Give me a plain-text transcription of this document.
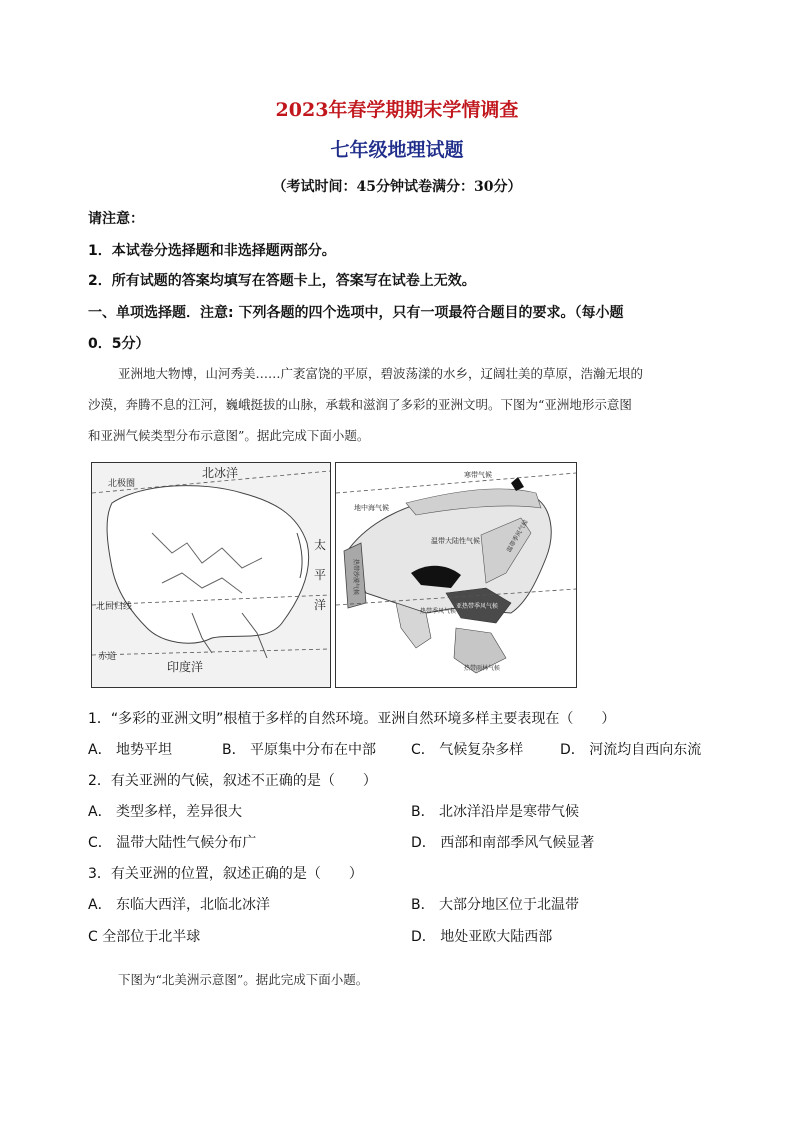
2023年春学期期末学情调查
七年级地理试题
（考试时间：45分钟试卷满分：30分）
请注意：
1．本试卷分选择题和非选择题两部分。
2．所有试题的答案均填写在答题卡上，答案写在试卷上无效。
一、单项选择题．注意: 下列各题的四个选项中，只有一项最符合题目的要求。（每小题
0．5分）
亚洲地大物博，山河秀美……广袤富饶的平原，碧波荡漾的水乡，辽阔壮美的草原，浩瀚无垠的
沙漠，奔腾不息的江河，巍峨挺拔的山脉，承载和滋润了多彩的亚洲文明。下图为“亚洲地形示意图
和亚洲气候类型分布示意图”。据此完成下面小题。
北冰洋
北极圈
太
平
洋
北回归线
赤道
印度洋
寒带气候
地中海气候
温带大陆性气候	温带季风气候
热带沙漠气候
热带季风气候
亚热带季风气候
热带雨林气候
1．“多彩的亚洲文明”根植于多样的自然环境。亚洲自然环境多样主要表现在（　　）
A． 地势平坦	B． 平原集中分布在中部 C． 气候复杂多样	D． 河流均自西向东流
2．有关亚洲的气候，叙述不正确的是（　　）
A． 类型多样，差异很大	B． 北冰洋沿岸是寒带气候
C． 温带大陆性气候分布广	D． 西部和南部季风气候显著
3．有关亚洲的位置，叙述正确的是（　　）
A． 东临大西洋，北临北冰洋	B． 大部分地区位于北温带
C 全部位于北半球	D． 地处亚欧大陆西部
下图为“北美洲示意图”。据此完成下面小题。
